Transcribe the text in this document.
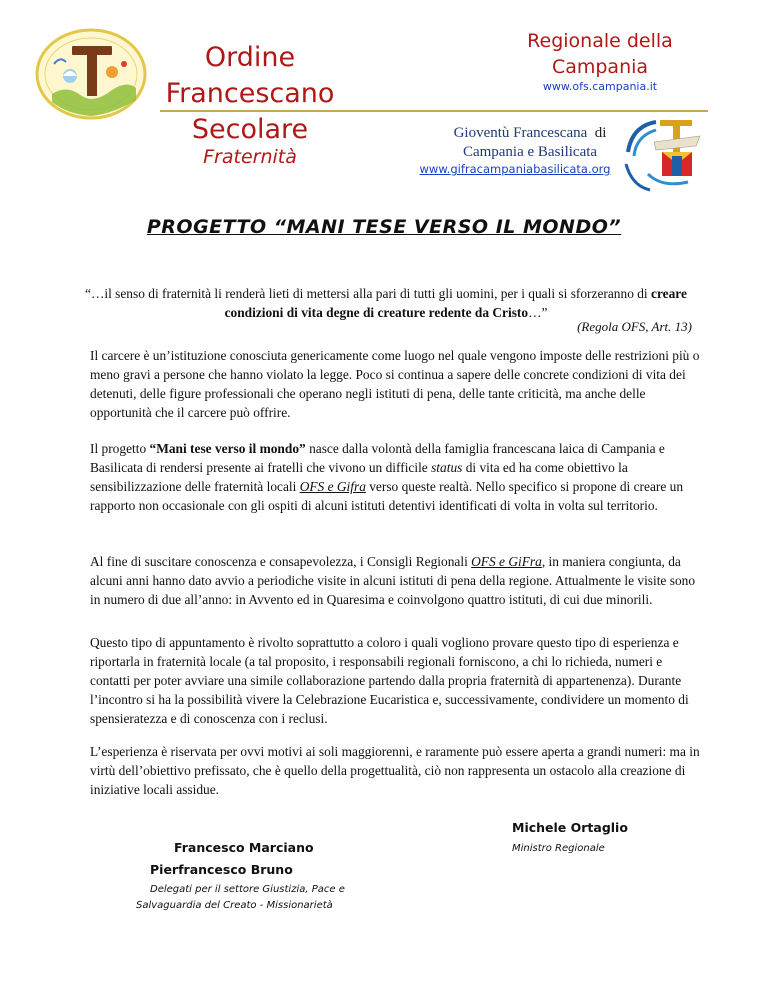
Ordine
Francescano
Secolare
Fraternità
Regionale della
Campania
www.ofs.campania.it
Gioventù Francescana di
Campania e Basilicata
www.gifracampaniabasilicata.org
PROGETTO “MANI TESE VERSO IL MONDO”
“…il senso di fraternità li renderà lieti di mettersi alla pari di tutti gli uomini, per i quali si sforzeranno di creare condizioni di vita degne di creature redente da Cristo…”
(Regola OFS, Art. 13)

Il carcere è un’istituzione conosciuta genericamente come luogo nel quale vengono imposte delle restrizioni più o meno gravi a persone che hanno violato la legge. Poco si continua a sapere delle concrete condizioni di vita dei detenuti, delle figure professionali che operano negli istituti di pena, delle tante criticità, ma anche delle opportunità che il carcere può offrire.

Il progetto “Mani tese verso il mondo” nasce dalla volontà della famiglia francescana laica di Campania e Basilicata di rendersi presente ai fratelli che vivono un difficile status di vita ed ha come obiettivo la sensibilizzazione delle fraternità locali OFS e Gifra verso queste realtà. Nello specifico si propone di creare un rapporto non occasionale con gli ospiti di alcuni istituti detentivi identificati di volta in volta sul territorio.

Al fine di suscitare conoscenza e consapevolezza, i Consigli Regionali OFS e GiFra, in maniera congiunta, da alcuni anni hanno dato avvio a periodiche visite in alcuni istituti di pena della regione. Attualmente le visite sono in numero di due all’anno: in Avvento ed in Quaresima e coinvolgono quattro istituti, di cui due minorili.

Questo tipo di appuntamento è rivolto soprattutto a coloro i quali vogliono provare questo tipo di esperienza e riportarla in fraternità locale (a tal proposito, i responsabili regionali forniscono, a chi lo richieda, numeri e contatti per poter avviare una simile collaborazione partendo dalla propria fraternità di appartenenza). Durante l’incontro si ha la possibilità vivere la Celebrazione Eucaristica e, successivamente, condividere un momento di spensieratezza e di conoscenza con i reclusi.

L’esperienza è riservata per ovvi motivi ai soli maggiorenni, e raramente può essere aperta a grandi numeri: ma in virtù dell’obiettivo prefissato, che è quello della progettualità, ciò non rappresenta un ostacolo alla creazione di iniziative locali assidue.

Michele Ortaglio
Ministro Regionale
Francesco Marciano
Pierfrancesco Bruno
Delegati per il settore Giustizia, Pace e
Salvaguardia del Creato - Missionarietà
